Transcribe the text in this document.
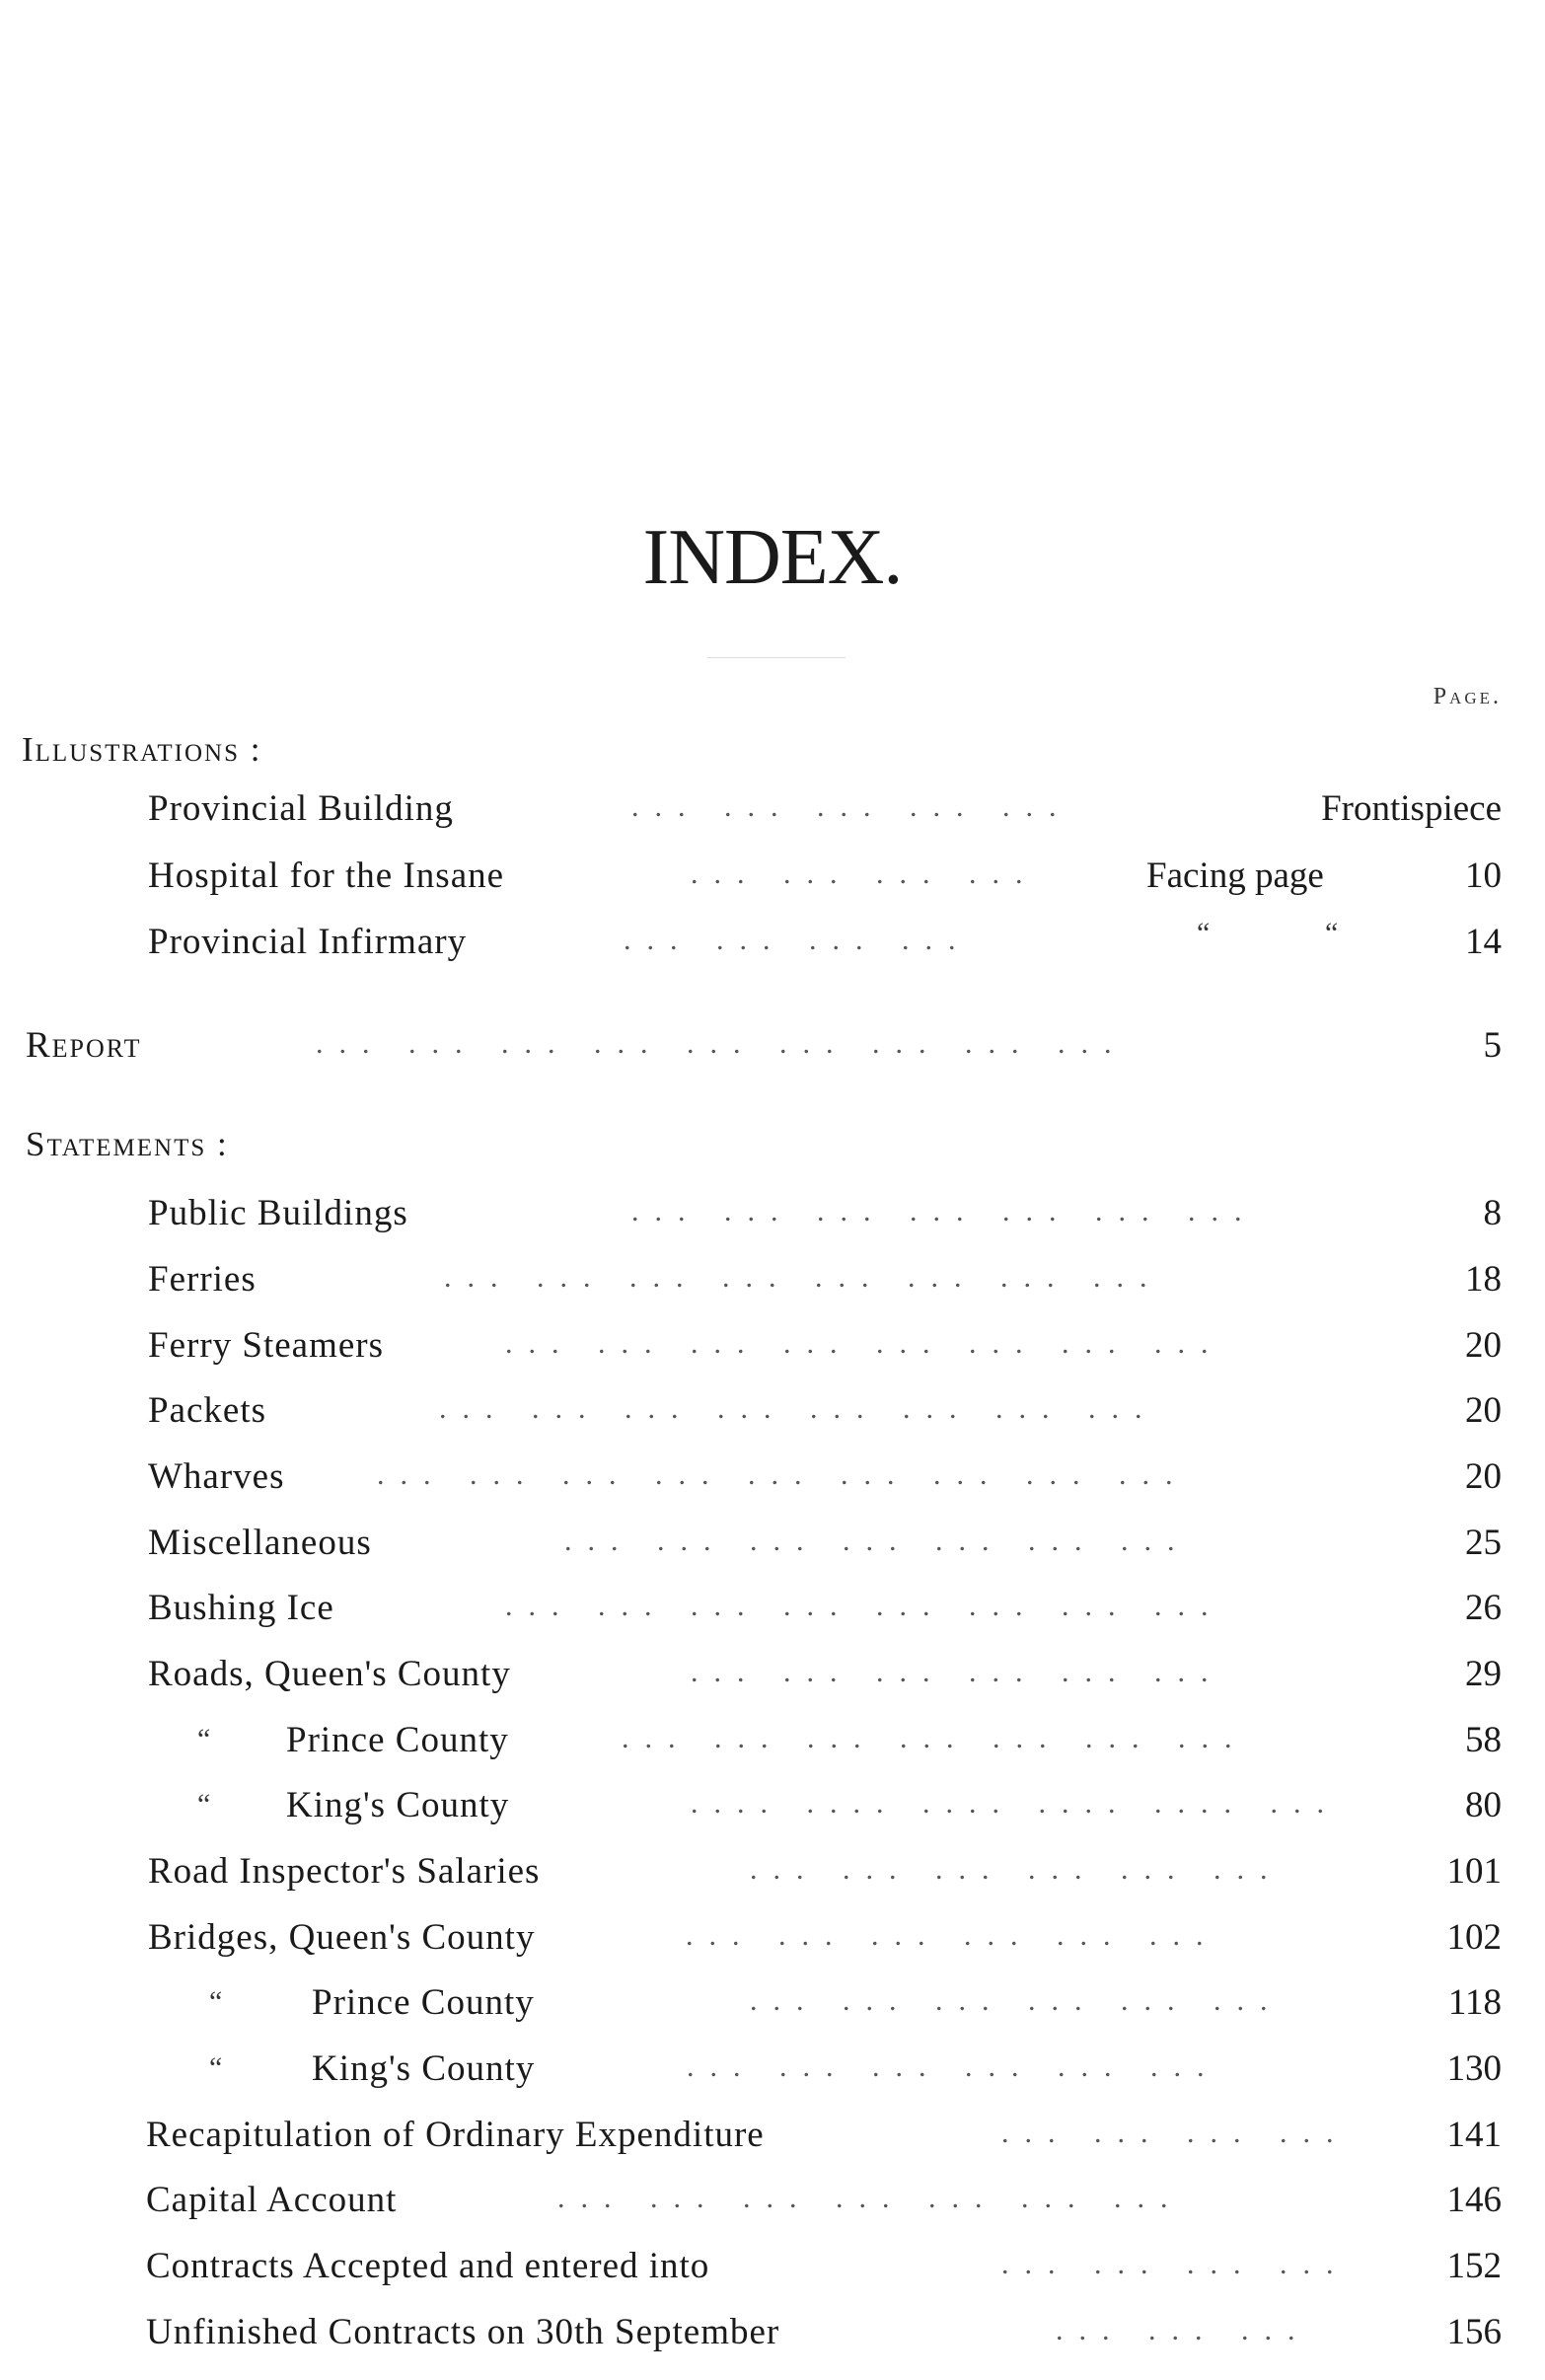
INDEX.
Page.
Illustrations :
Provincial Building	... ... ... ... ...	Frontispiece
Hospital for the Insane	... ... ... ...	Facing page	10
Provincial Infirmary	... ... ... ...	“	“	14
Report	... ... ... ... ... ... ... ... ...	5
Statements :
Public Buildings	... ... ... ... ... ... ...	8
Ferries	... ... ... ... ... ... ... ...	18
Ferry Steamers	... ... ... ... ... ... ... ...	20
Packets	... ... ... ... ... ... ... ...	20
Wharves	... ... ... ... ... ... ... ... ...	20
Miscellaneous	... ... ... ... ... ... ...	25
Bushing Ice	... ... ... ... ... ... ... ...	26
Roads, Queen's County	... ... ... ... ... ...	29
“ Prince County	... ... ... ... ... ... ...	58
“ King's County	.... .... .... .... .... ...	80
Road Inspector's Salaries	... ... ... ... ... ...	101
Bridges, Queen's County	... ... ... ... ... ...	102
“ Prince County	... ... ... ... ... ...	118
“ King's County	... ... ... ... ... ...	130
Recapitulation of Ordinary Expenditure	... ... ... ...	141
Capital Account	... ... ... ... ... ... ...	146
Contracts Accepted and entered into	... ... ... ...	152
Unfinished Contracts on 30th September	... ... ...	156
